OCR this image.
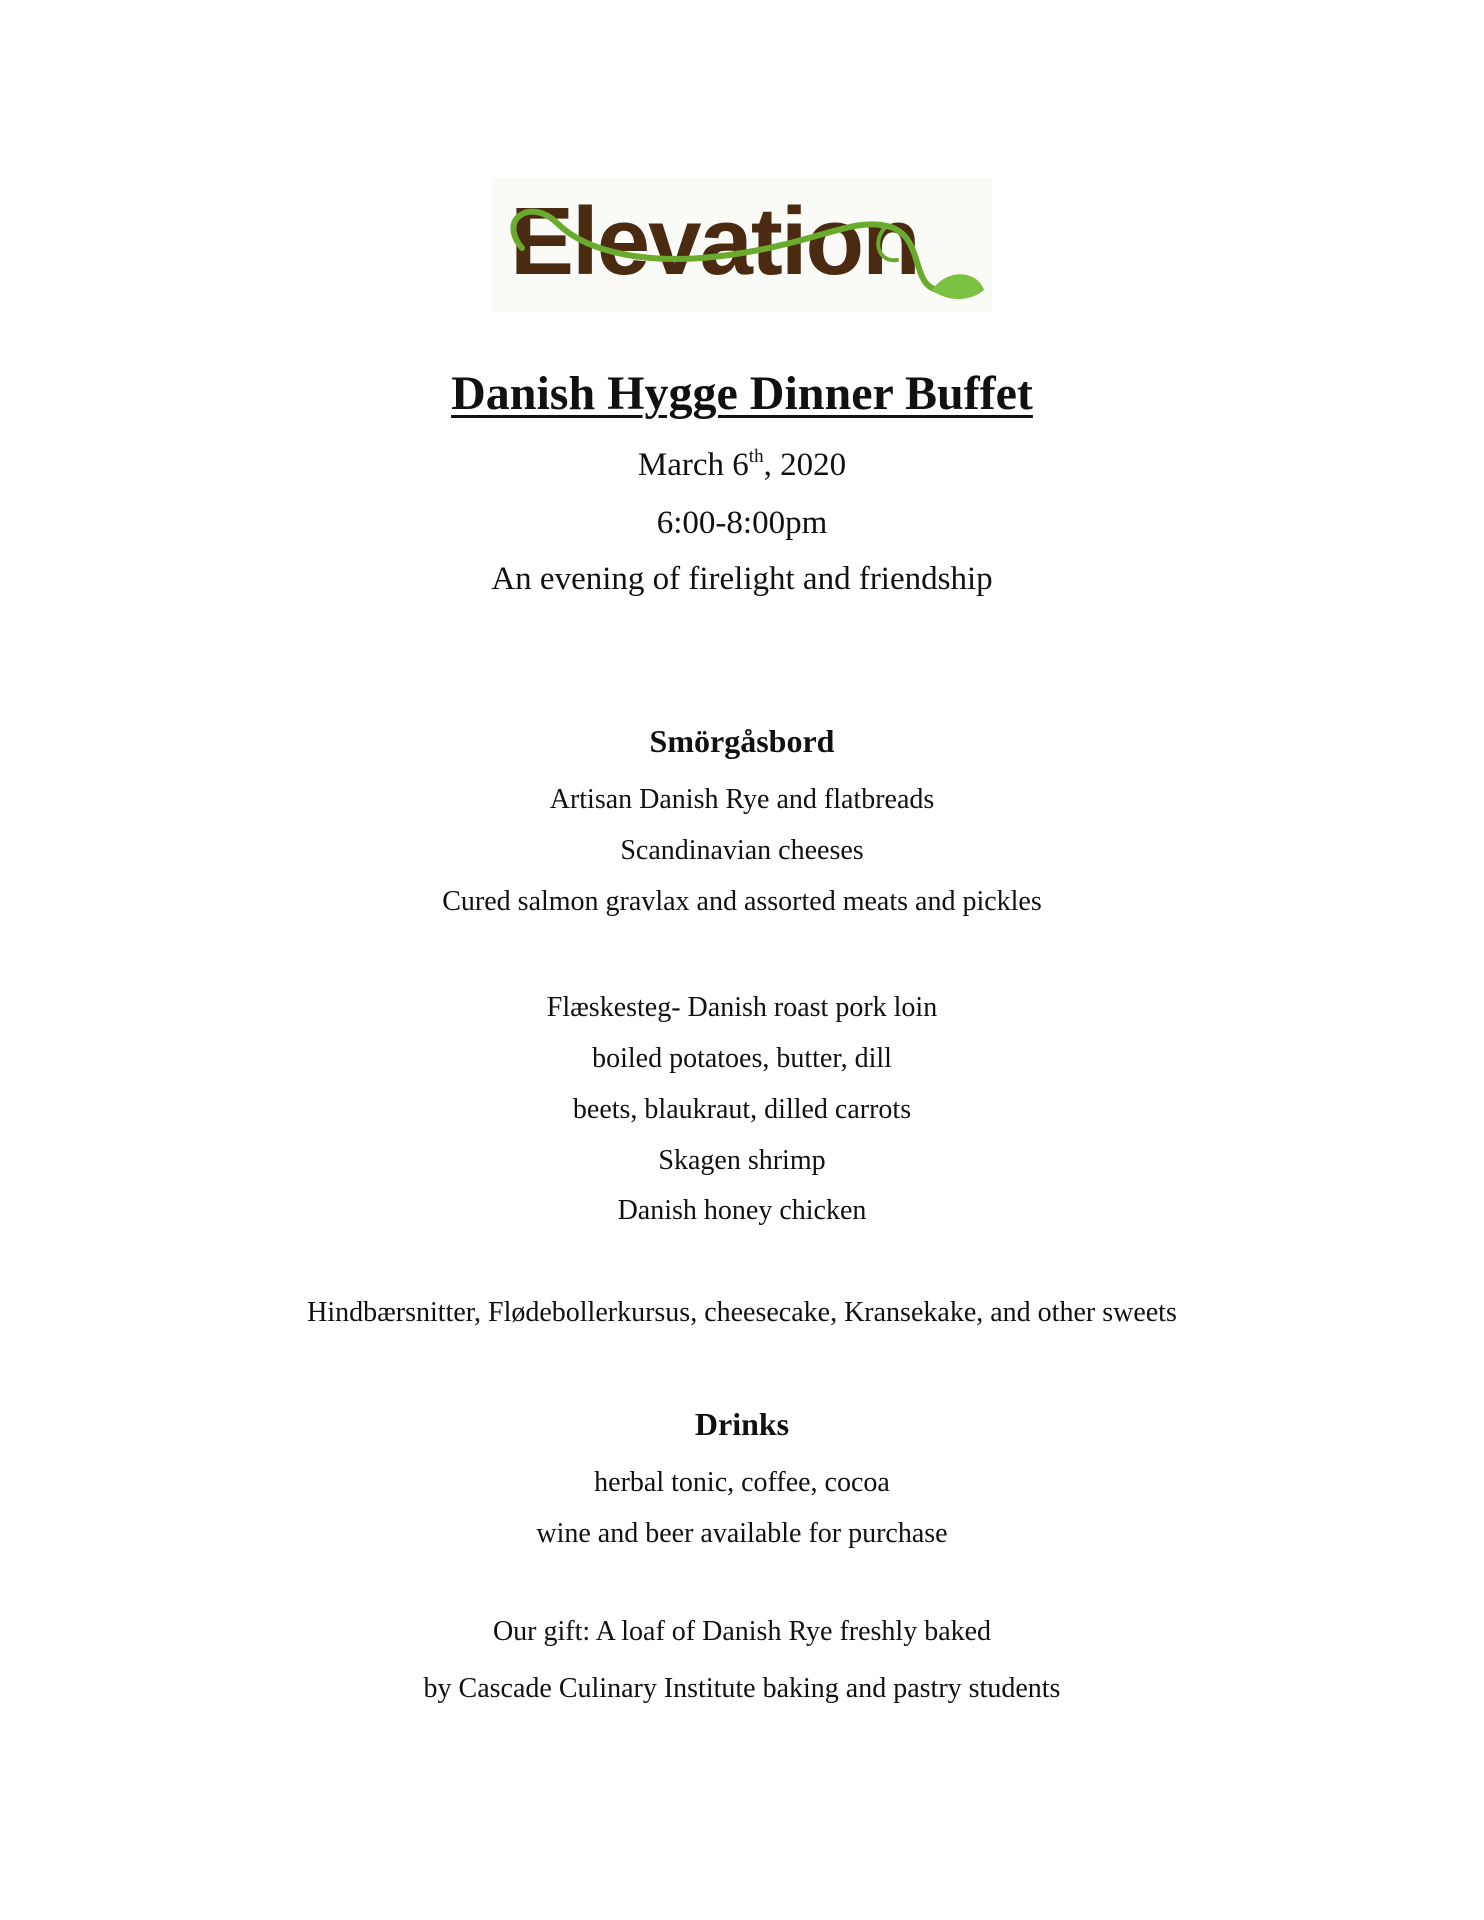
Elevation
Danish Hygge Dinner Buffet
March 6th, 2020
6:00-8:00pm
An evening of firelight and friendship
Smörgåsbord
Artisan Danish Rye and flatbreads
Scandinavian cheeses
Cured salmon gravlax and assorted meats and pickles
Flæskesteg- Danish roast pork loin
boiled potatoes, butter, dill
beets, blaukraut, dilled carrots
Skagen shrimp
Danish honey chicken
Hindbærsnitter, Flødebollerkursus, cheesecake, Kransekake, and other sweets
Drinks
herbal tonic, coffee, cocoa
wine and beer available for purchase
Our gift: A loaf of Danish Rye freshly baked
by Cascade Culinary Institute baking and pastry students
